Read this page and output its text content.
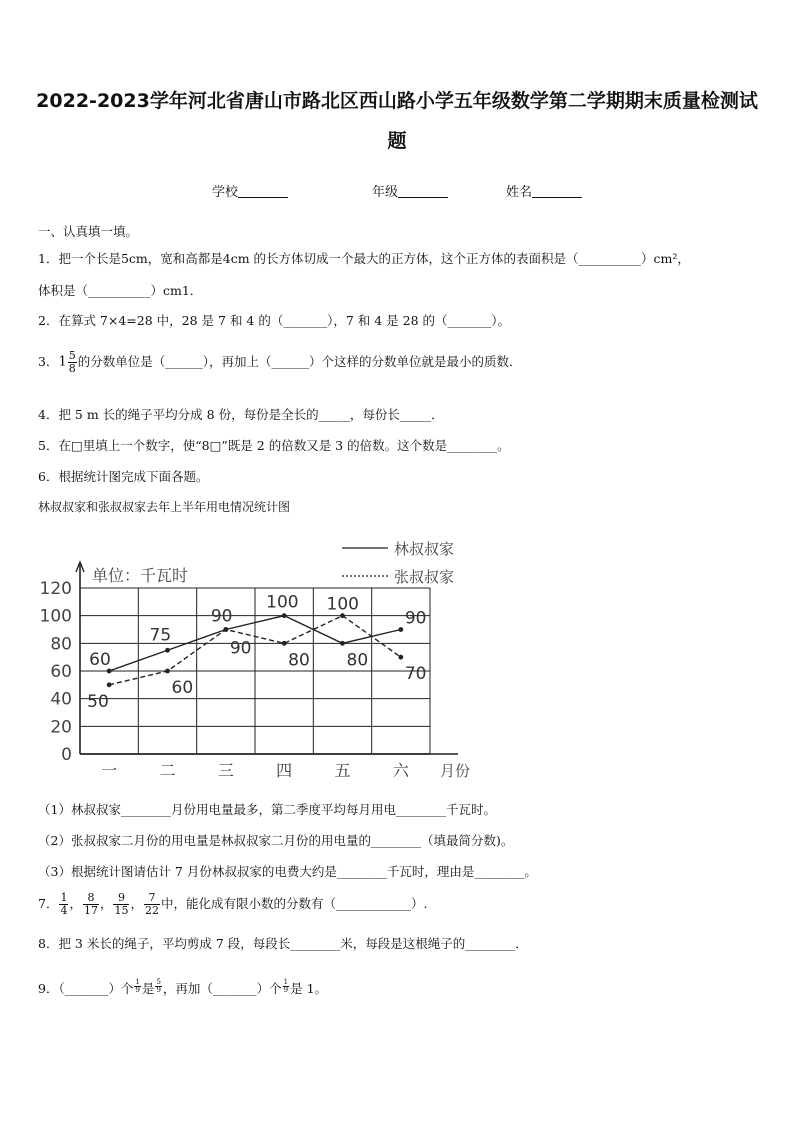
2022-2023学年河北省唐山市路北区西山路小学五年级数学第二学期期末质量检测试
题
学校	年级	姓名
一、认真填一填。
1．把一个长是5cm，宽和高都是4cm 的长方体切成一个最大的正方体，这个正方体的表面积是（__________）cm²，
体积是（__________）cm1．
2．在算式 7×4=28 中，28 是 7 和 4 的（_______），7 和 4 是 28 的（_______）。
3．$1 \frac{5}{8}$ 的分数单位是（______），再加上（______）个这样的分数单位就是最小的质数．
4．把 5 m 长的绳子平均分成 8 份，每份是全长的_____，每份长_____．
5．在□里填上一个数字，使“8□”既是 2 的倍数又是 3 的倍数。这个数是________。
6．根据统计图完成下面各题。
林叔叔家和张叔叔家去年上半年用电情况统计图
0
20
40
60
80
100
120
单位：千瓦时
一	二	三	四	五	六 月份
林叔叔家
张叔叔家
60
75
90
100
80
90
50
60
90
80
100
70
（1）林叔叔家________月份用电量最多，第二季度平均每月用电________千瓦时。
（2）张叔叔家二月份的用电量是林叔叔家二月份的用电量的________（填最简分数)。
（3）根据统计图请估计 7 月份林叔叔家的电费大约是________千瓦时，理由是________。
7． $\frac{1}{4}$ ， $\frac{8}{17}$ ， $\frac{9}{15}$ ， $\frac{7}{22}$ 中，能化成有限小数的分数有（____________）.
8．把 3 米长的绳子，平均剪成 7 段，每段长________米，每段是这根绳子的________．
9．（_______）个 $\frac{1}{9}$ 是 $\frac{5}{9}$ ，再加（_______）个 $\frac{1}{9}$ 是 1。
